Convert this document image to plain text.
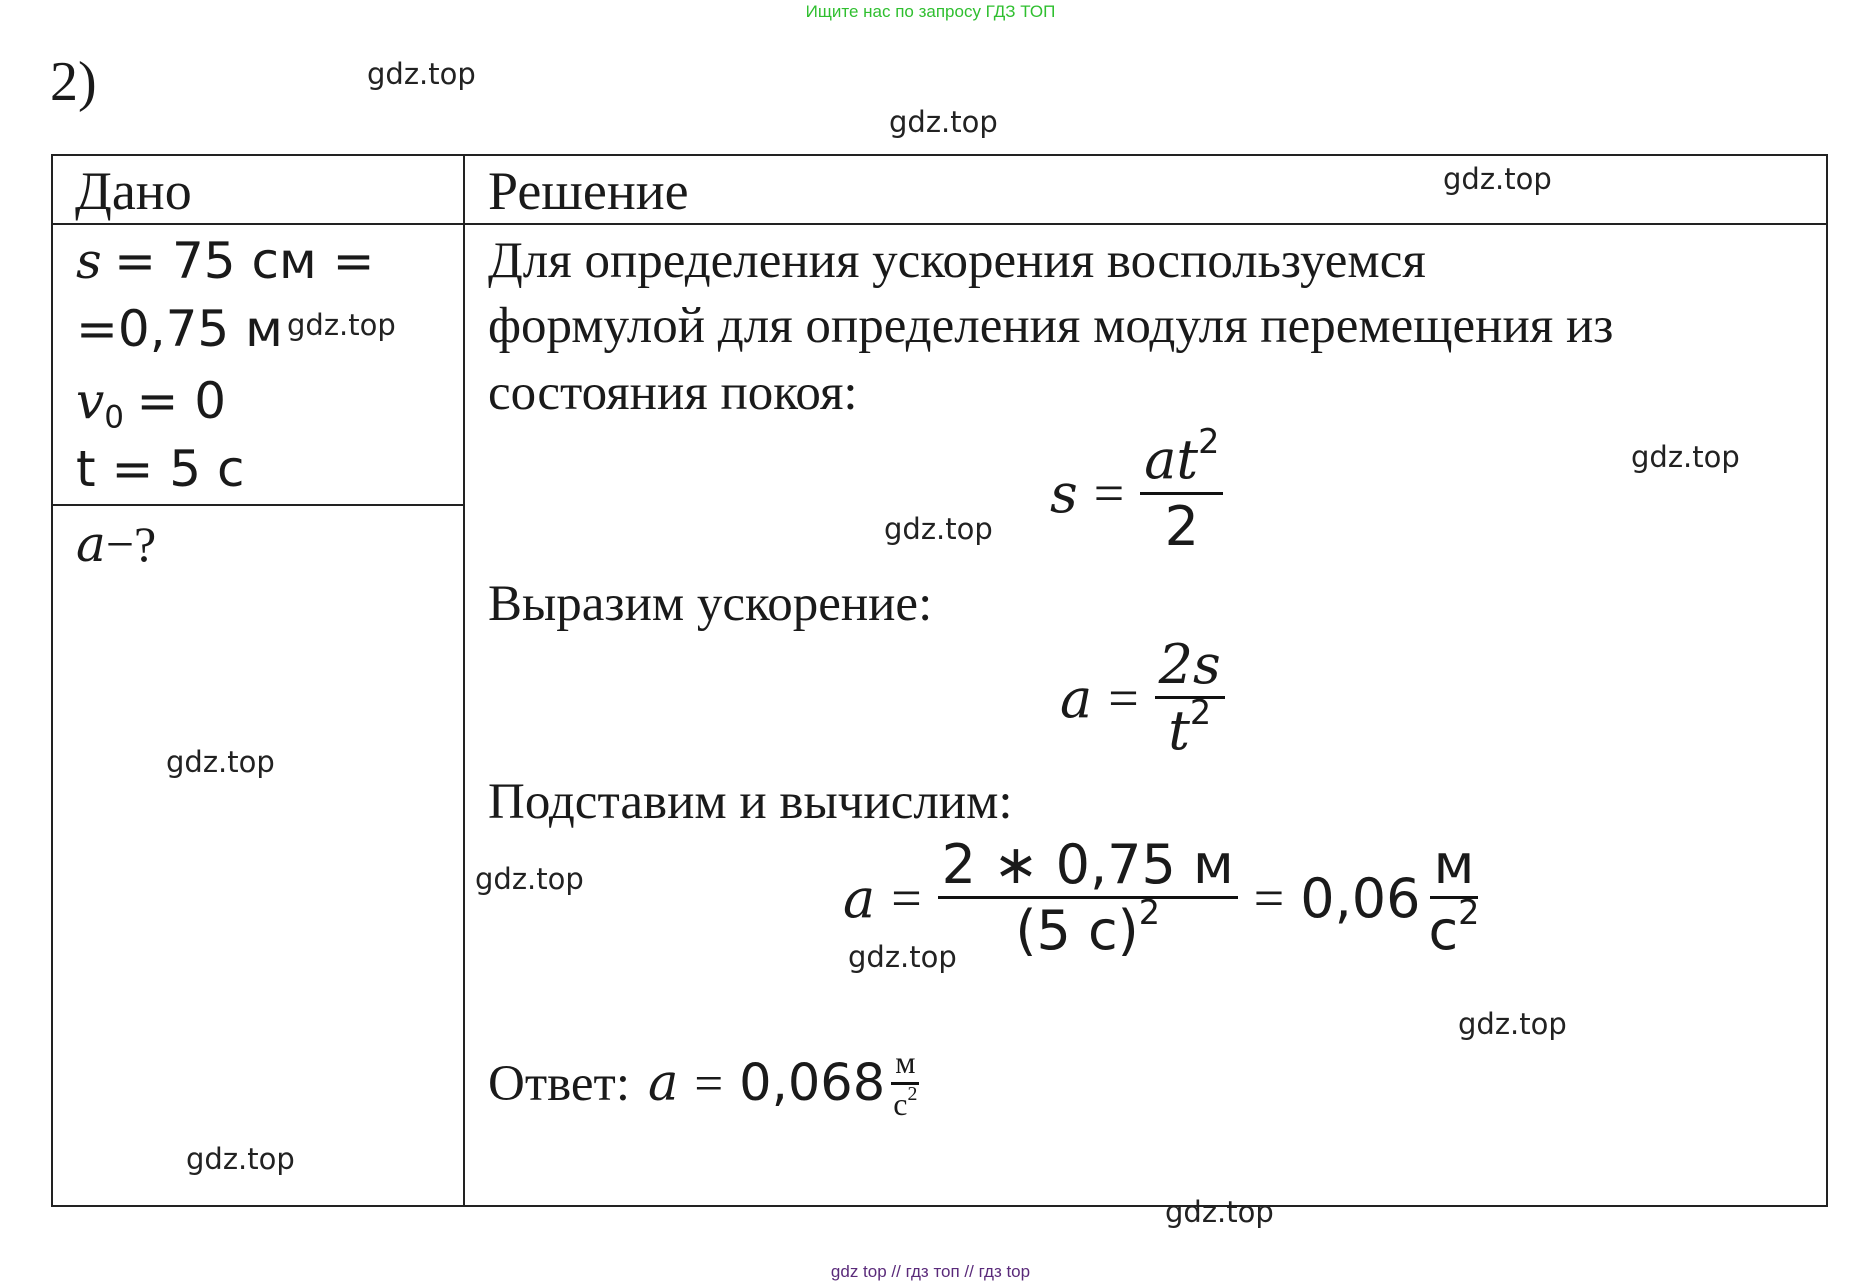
Ищите нас по запросу ГДЗ ТОП
2)
Дано	Решение
s = 75 см =
=0,75 м
$v_0 = 0$
t = 5 с
a−?
Для определения ускорения воспользуемся
формулой для определения модуля перемещения из
состояния покоя:
$s = \frac{at^2}{2}$
Выразим ускорение:
$a = \frac{2s}{t^2}$
Подставим и вычислим:
$a = \frac{2 ∗ 0,75 м}{(5 с)^2} = 0,06 \frac{м}{с^2}$
Ответ: $a = 0,068 \frac{м}{с^2}$
gdz.top
gdz.top
gdz.top
gdz.top
gdz.top
gdz.top
gdz.top
gdz.top
gdz.top
gdz.top
gdz.top
gdz.top
gdz top // гдз топ // гдз top
